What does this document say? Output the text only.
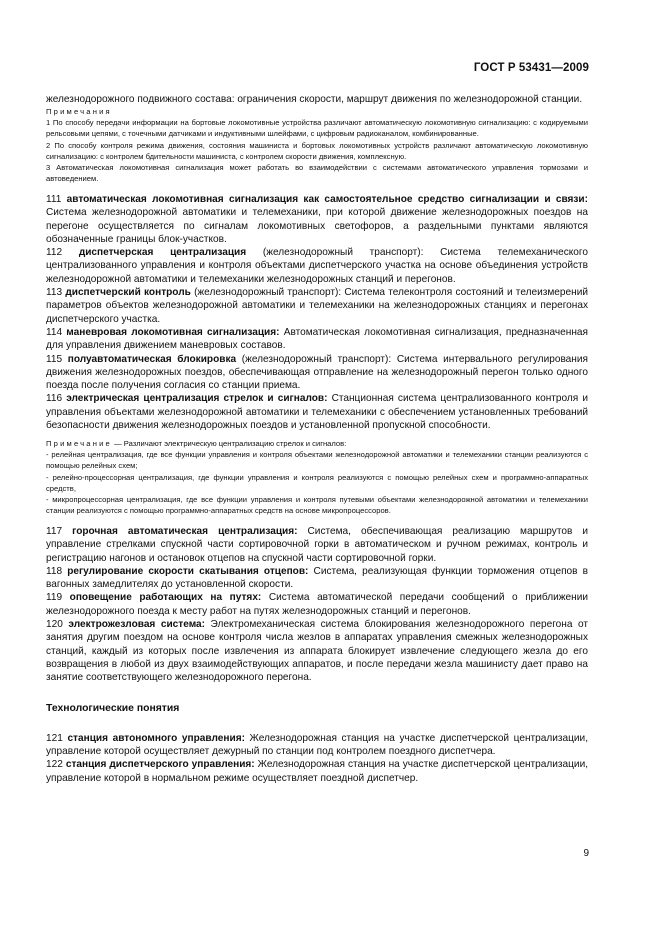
ГОСТ Р 53431—2009

железнодорожного подвижного состава: ограничения скорости, маршрут движения по железнодорожной станции.

Примечания

1 По способу передачи информации на бортовые локомотивные устройства различают автоматическую локомотивную сигнализацию: с кодируемыми рельсовыми цепями, с точечными датчиками и индуктивными шлейфами, с цифровым радиоканалом, комбинированные.

2 По способу контроля режима движения, состояния машиниста и бортовых локомотивных устройств различают автоматическую локомотивную сигнализацию: с контролем бдительности машиниста, с контролем скорости движения, комплексную.

3 Автоматическая локомотивная сигнализация может работать во взаимодействии с системами автоматического управления тормозами и автоведением.

111 автоматическая локомотивная сигнализация как самостоятельное средство сигнализации и связи: Система железнодорожной автоматики и телемеханики, при которой движение железнодорожных поездов на перегоне осуществляется по сигналам локомотивных светофоров, а раздельными пунктами являются обозначенные границы блок-участков.

112 диспетчерская централизация (железнодорожный транспорт): Система телемеханического централизованного управления и контроля объектами диспетчерского участка на основе объединения устройств железнодорожной автоматики и телемеханики железнодорожных станций и перегонов.

113 диспетчерский контроль (железнодорожный транспорт): Система телеконтроля состояний и телеизмерений параметров объектов железнодорожной автоматики и телемеханики на железнодорожных станциях и перегонах диспетчерского участка.

114 маневровая локомотивная сигнализация: Автоматическая локомотивная сигнализация, предназначенная для управления движением маневровых составов.

115 полуавтоматическая блокировка (железнодорожный транспорт): Система интервального регулирования движения железнодорожных поездов, обеспечивающая отправление на железнодорожный перегон только одного поезда после получения согласия со станции приема.

116 электрическая централизация стрелок и сигналов: Станционная система централизованного контроля и управления объектами железнодорожной автоматики и телемеханики с обеспечением установленных требований безопасности движения железнодорожных поездов и установленной пропускной способности.

Примечание — Различают электрическую централизацию стрелок и сигналов:

- релейная централизация, где все функции управления и контроля объектами железнодорожной автоматики и телемеханики станции реализуются с помощью релейных схем;

- релейно-процессорная централизация, где функции управления и контроля реализуются с помощью релейных схем и программно-аппаратных средств,

- микропроцессорная централизация, где все функции управления и контроля путевыми объектами железнодорожной автоматики и телемеханики станции реализуются с помощью программно-аппаратных средств на основе микропроцессоров.

117 горочная автоматическая централизация: Система, обеспечивающая реализацию маршрутов и управление стрелками спускной части сортировочной горки в автоматическом и ручном режимах, контроль и регистрацию нагонов и остановок отцепов на спускной части сортировочной горки.

118 регулирование скорости скатывания отцепов: Система, реализующая функции торможения отцепов в вагонных замедлителях до установленной скорости.

119 оповещение работающих на путях: Система автоматической передачи сообщений о приближении железнодорожного поезда к месту работ на путях железнодорожных станций и перегонов.

120 электрожезловая система: Электромеханическая система блокирования железнодорожного перегона от занятия другим поездом на основе контроля числа жезлов в аппаратах управления смежных железнодорожных станций, каждый из которых после извлечения из аппарата блокирует извлечение следующего жезла до его возвращения в любой из двух взаимодействующих аппаратов, и после передачи жезла машинисту дает право на занятие соответствующего железнодорожного перегона.

Технологические понятия

121 станция автономного управления: Железнодорожная станция на участке диспетчерской централизации, управление которой осуществляет дежурный по станции под контролем поездного диспетчера.

122 станция диспетчерского управления: Железнодорожная станция на участке диспетчерской централизации, управление которой в нормальном режиме осуществляет поездной диспетчер.

9
